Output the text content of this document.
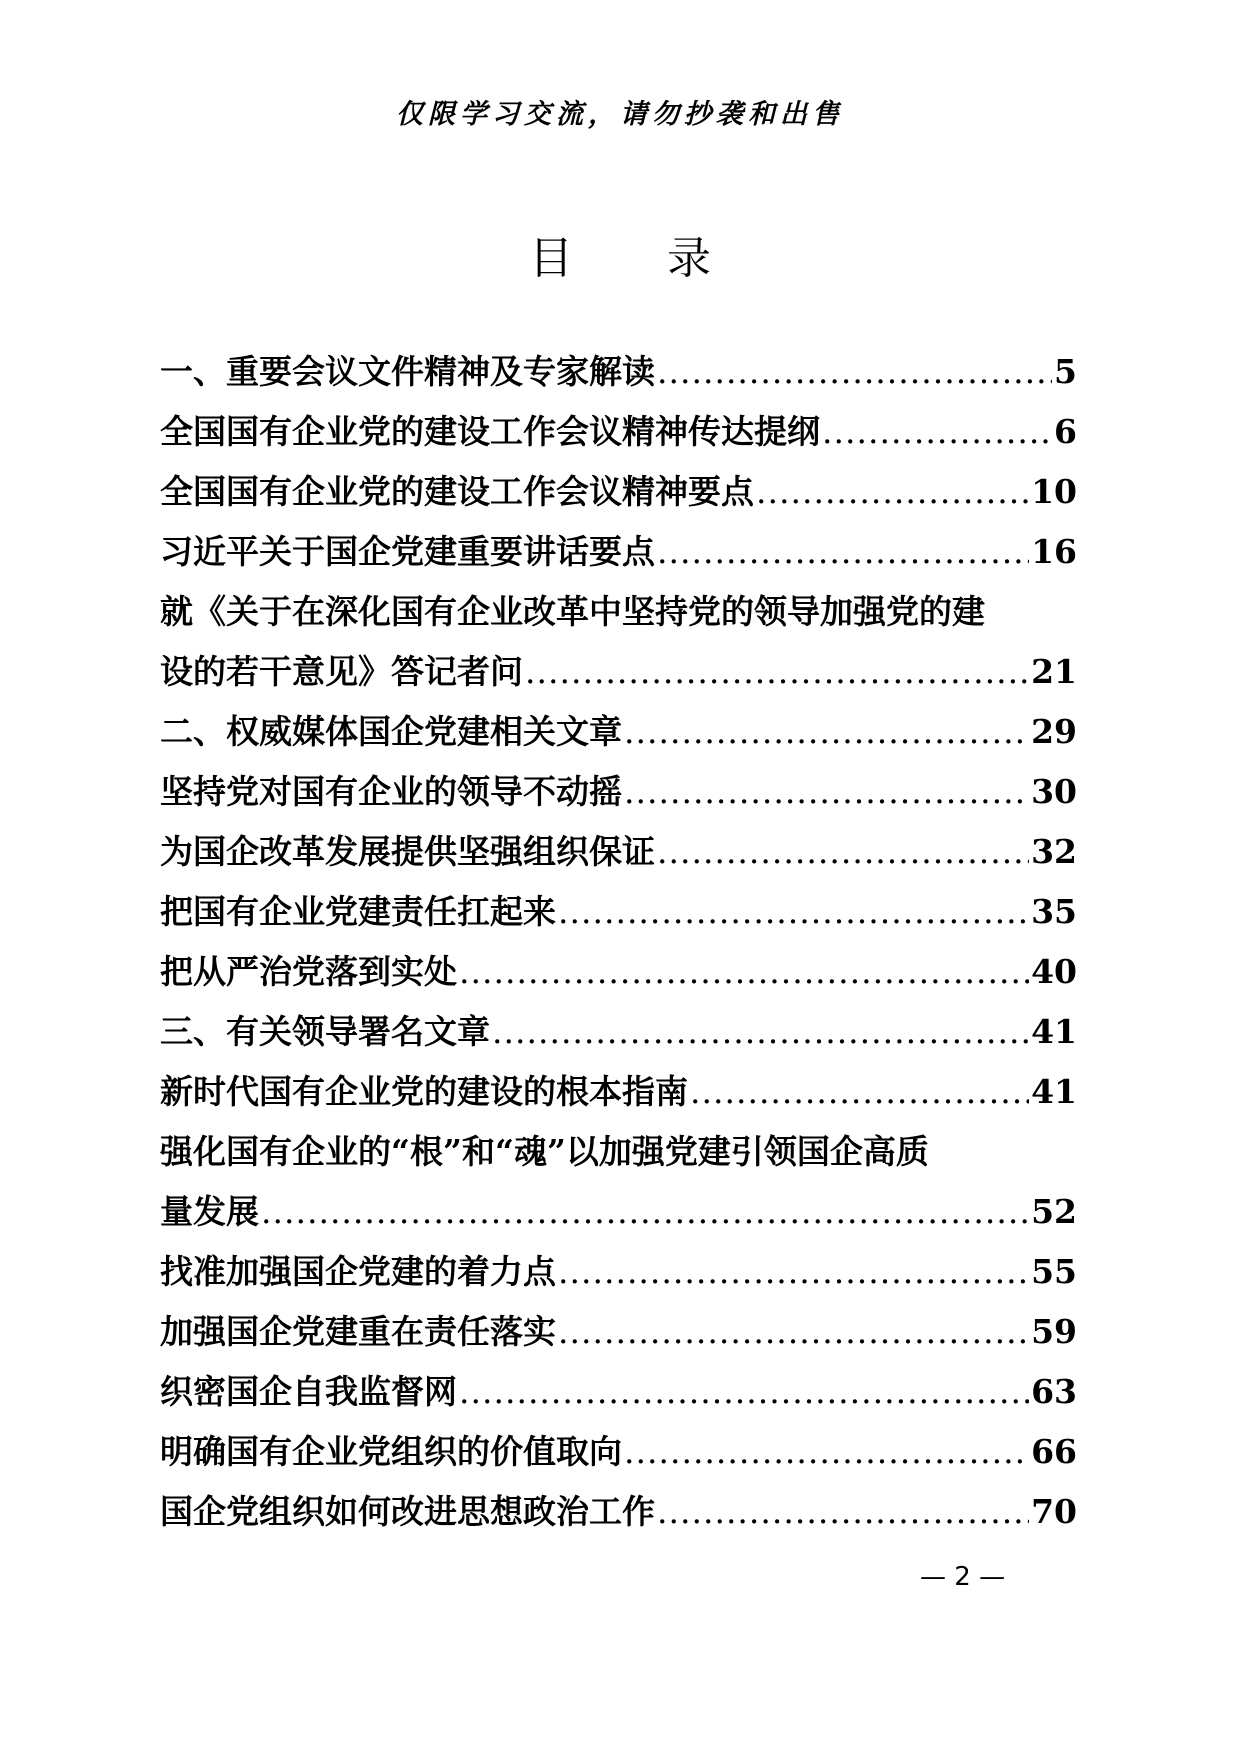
仅限学习交流，请勿抄袭和出售
目 录
一、重要会议文件精神及专家解读 .....	5
全国国有企业党的建设工作会议精神传达提纲 .....	6
全国国有企业党的建设工作会议精神要点 .....	10
习近平关于国企党建重要讲话要点 .....	16
就《关于在深化国有企业改革中坚持党的领导加强党的建
设的若干意见》答记者问 .....	21
二、权威媒体国企党建相关文章 .....	29
坚持党对国有企业的领导不动摇 .....	30
为国企改革发展提供坚强组织保证 .....	32
把国有企业党建责任扛起来 .....	35
把从严治党落到实处 .....	40
三、有关领导署名文章 .....	41
新时代国有企业党的建设的根本指南 .....	41
强化国有企业的“根”和“魂”以加强党建引领国企高质
量发展 .....	52
找准加强国企党建的着力点 .....	55
加强国企党建重在责任落实 .....	59
织密国企自我监督网 .....	63
明确国有企业党组织的价值取向 .....	66
国企党组织如何改进思想政治工作 .....	70
— 2 —
